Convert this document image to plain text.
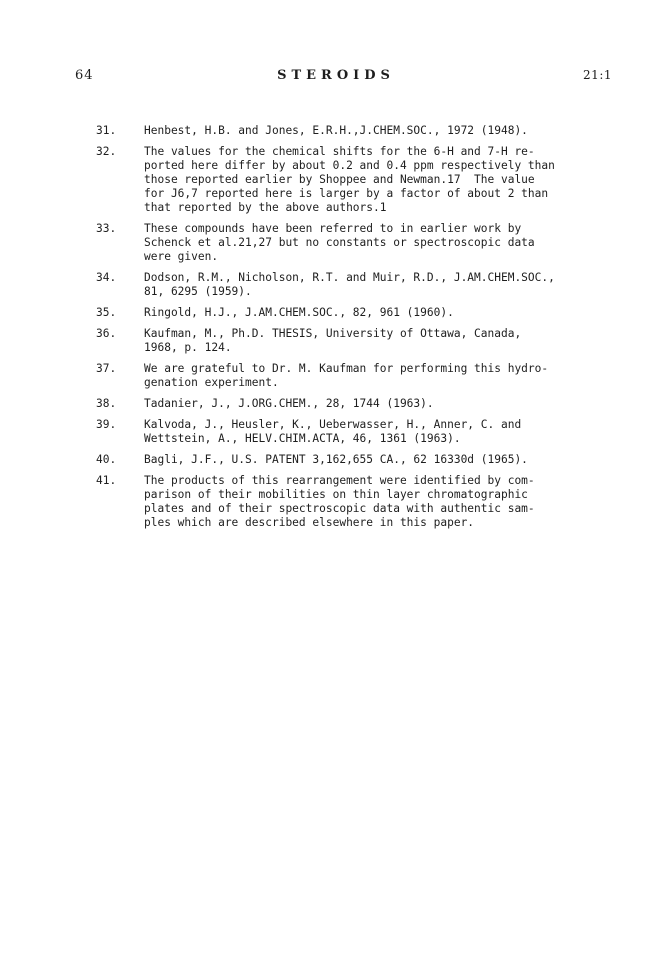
64	STEROIDS	21:1
31. Henbest, H.B. and Jones, E.R.H.,J.CHEM.SOC., 1972 (1948).
32. The values for the chemical shifts for the 6-H and 7-H re-
ported here differ by about 0.2 and 0.4 ppm respectively than
those reported earlier by Shoppee and Newman.17  The value
for J6,7 reported here is larger by a factor of about 2 than
that reported by the above authors.1
33. These compounds have been referred to in earlier work by
Schenck et al.21,27 but no constants or spectroscopic data
were given.
34. Dodson, R.M., Nicholson, R.T. and Muir, R.D., J.AM.CHEM.SOC.,
81, 6295 (1959).
35. Ringold, H.J., J.AM.CHEM.SOC., 82, 961 (1960).
36. Kaufman, M., Ph.D. THESIS, University of Ottawa, Canada,
1968, p. 124.
37. We are grateful to Dr. M. Kaufman for performing this hydro-
genation experiment.
38. Tadanier, J., J.ORG.CHEM., 28, 1744 (1963).
39. Kalvoda, J., Heusler, K., Ueberwasser, H., Anner, C. and
Wettstein, A., HELV.CHIM.ACTA, 46, 1361 (1963).
40. Bagli, J.F., U.S. PATENT 3,162,655 CA., 62 16330d (1965).
41. The products of this rearrangement were identified by com-
parison of their mobilities on thin layer chromatographic
plates and of their spectroscopic data with authentic sam-
ples which are described elsewhere in this paper.
